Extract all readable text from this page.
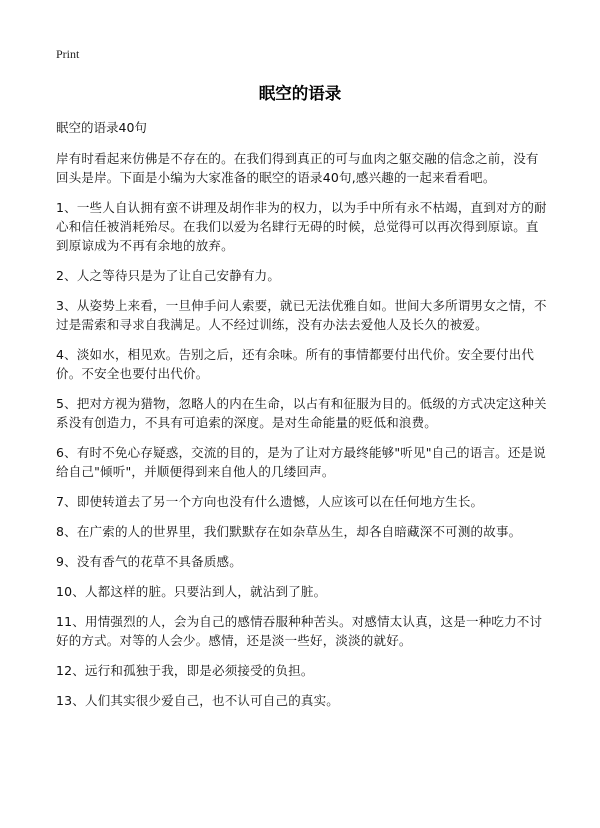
Print
眠空的语录
眠空的语录40句

岸有时看起来仿佛是不存在的。在我们得到真正的可与血肉之躯交融的信念之前，没有回头是岸。下面是小编为大家准备的眠空的语录40句,感兴趣的一起来看看吧。

1、一些人自认拥有蛮不讲理及胡作非为的权力，以为手中所有永不枯竭，直到对方的耐心和信任被消耗殆尽。在我们以爱为名肆行无碍的时候，总觉得可以再次得到原谅。直到原谅成为不再有余地的放弃。

2、人之等待只是为了让自己安静有力。

3、从姿势上来看，一旦伸手问人索要，就已无法优雅自如。世间大多所谓男女之情，不过是需索和寻求自我满足。人不经过训练，没有办法去爱他人及长久的被爱。

4、淡如水，相见欢。告别之后，还有余味。所有的事情都要付出代价。安全要付出代价。不安全也要付出代价。

5、把对方视为猎物，忽略人的内在生命，以占有和征服为目的。低级的方式决定这种关系没有创造力，不具有可追索的深度。是对生命能量的贬低和浪费。

6、有时不免心存疑惑，交流的目的，是为了让对方最终能够"听见"自己的语言。还是说给自己"倾听"，并顺便得到来自他人的几缕回声。

7、即使转道去了另一个方向也没有什么遗憾，人应该可以在任何地方生长。

8、在广索的人的世界里，我们默默存在如杂草丛生，却各自暗藏深不可测的故事。

9、没有香气的花草不具备质感。

10、人都这样的脏。只要沾到人，就沾到了脏。

11、用情强烈的人，会为自己的感情吞服种种苦头。对感情太认真，这是一种吃力不讨好的方式。对等的人会少。感情，还是淡一些好，淡淡的就好。

12、远行和孤独于我，即是必须接受的负担。

13、人们其实很少爱自己，也不认可自己的真实。
